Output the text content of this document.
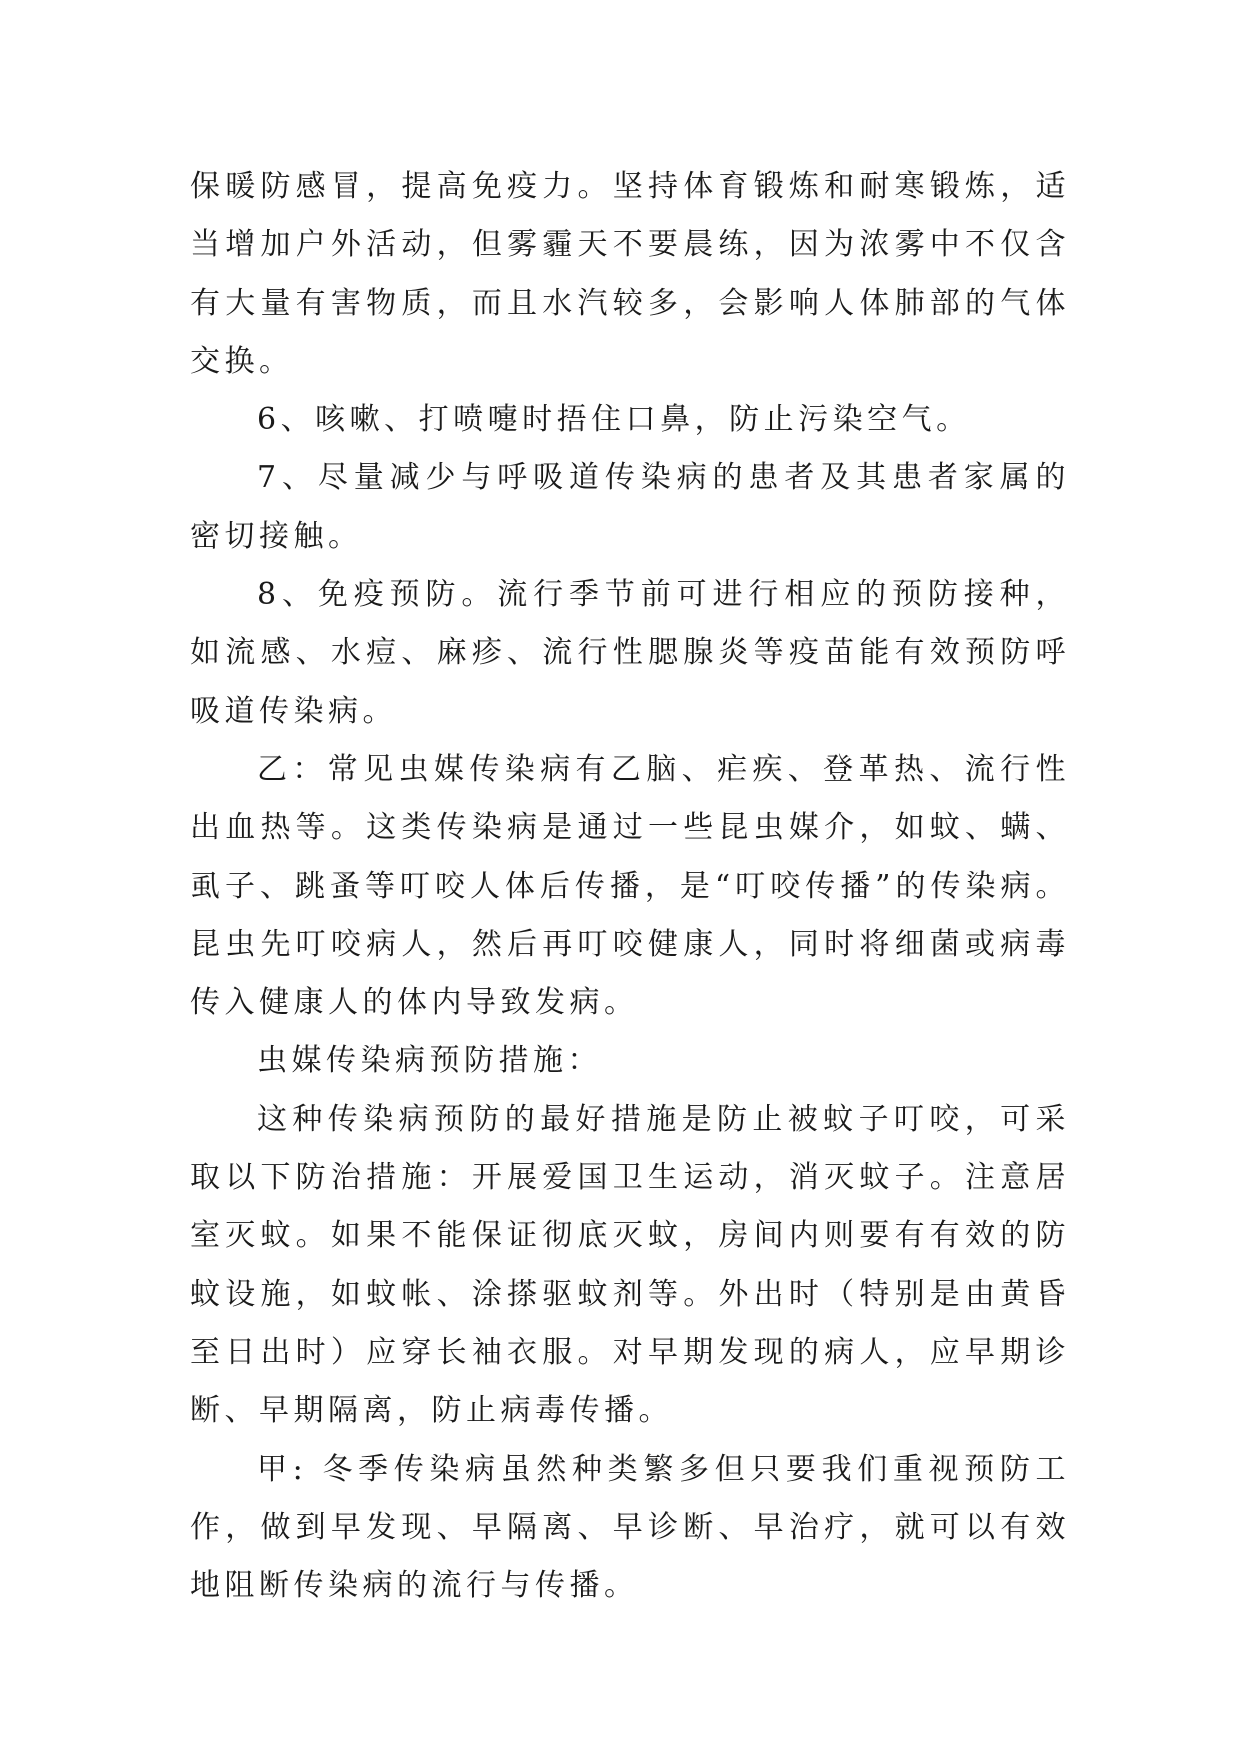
保暖防感冒，提高免疫力。坚持体育锻炼和耐寒锻炼，适当增加户外活动，但雾霾天不要晨练，因为浓雾中不仅含有大量有害物质，而且水汽较多，会影响人体肺部的气体交换。

6、咳嗽、打喷嚏时捂住口鼻，防止污染空气。

7、尽量减少与呼吸道传染病的患者及其患者家属的密切接触。

8、免疫预防。流行季节前可进行相应的预防接种，如流感、水痘、麻疹、流行性腮腺炎等疫苗能有效预防呼吸道传染病。

乙：常见虫媒传染病有乙脑、疟疾、登革热、流行性出血热等。这类传染病是通过一些昆虫媒介，如蚊、螨、虱子、跳蚤等叮咬人体后传播，是“叮咬传播”的传染病。昆虫先叮咬病人，然后再叮咬健康人，同时将细菌或病毒传入健康人的体内导致发病。

虫媒传染病预防措施：

这种传染病预防的最好措施是防止被蚊子叮咬，可采取以下防治措施：开展爱国卫生运动，消灭蚊子。注意居室灭蚊。如果不能保证彻底灭蚊，房间内则要有有效的防蚊设施，如蚊帐、涂搽驱蚊剂等。外出时（特别是由黄昏至日出时）应穿长袖衣服。对早期发现的病人，应早期诊断、早期隔离，防止病毒传播。

甲: 冬季传染病虽然种类繁多但只要我们重视预防工作，做到早发现、早隔离、早诊断、早治疗，就可以有效地阻断传染病的流行与传播。
